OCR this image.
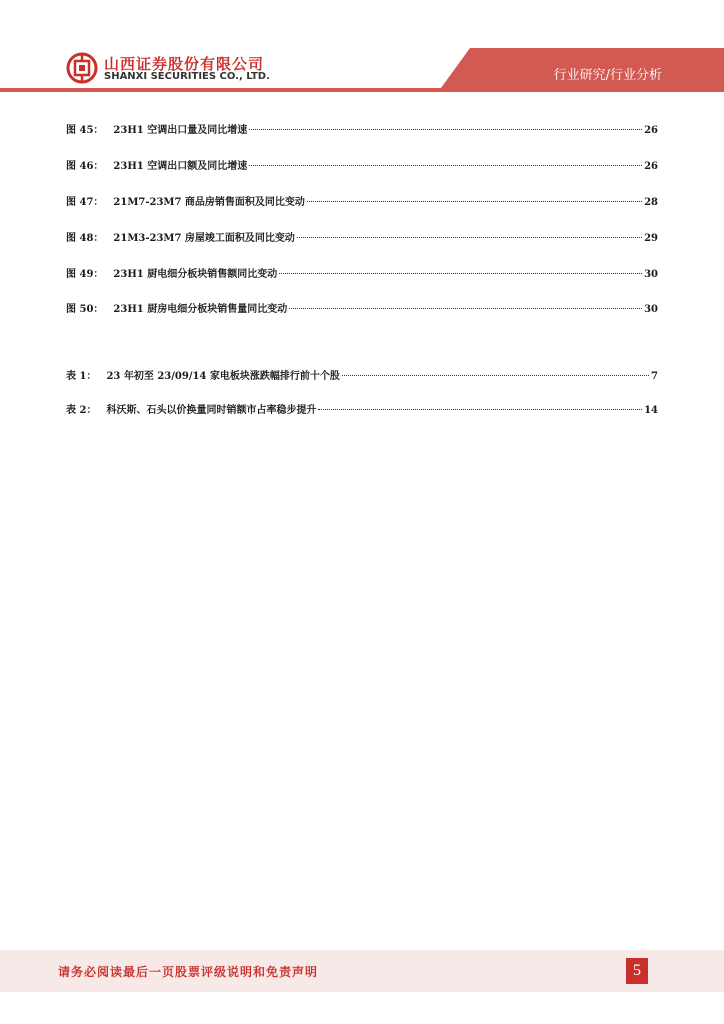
山西证券股份有限公司
SHANXI SECURITIES CO., LTD.	行业研究/行业分析
图 45： 23H1 空调出口量及同比增速	26
图 46： 23H1 空调出口额及同比增速	26
图 47： 21M7-23M7 商品房销售面积及同比变动	28
图 48： 21M3-23M7 房屋竣工面积及同比变动	29
图 49： 23H1 厨电细分板块销售额同比变动	30
图 50： 23H1 厨房电细分板块销售量同比变动	30
表 1： 23 年初至 23/09/14 家电板块涨跌幅排行前十个股	7
表 2： 科沃斯、石头以价换量同时销额市占率稳步提升	14
请务必阅读最后一页股票评级说明和免责声明	5
